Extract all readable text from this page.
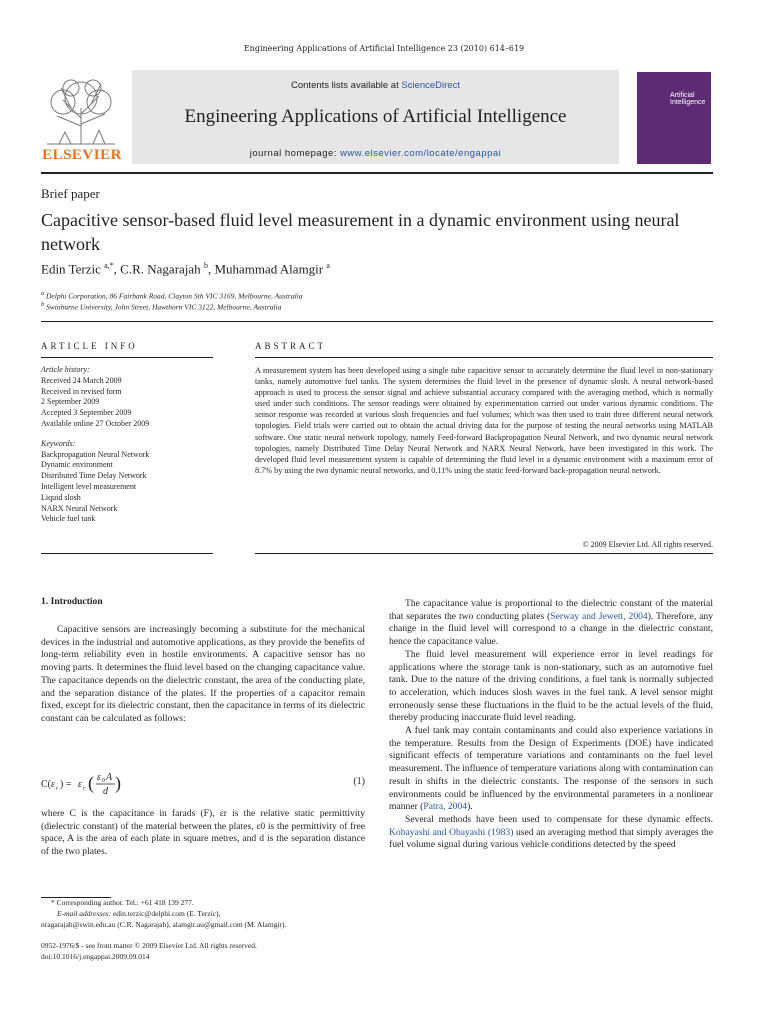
Engineering Applications of Artificial Intelligence 23 (2010) 614–619
ELSEVIER
Contents lists available at ScienceDirect
Engineering Applications of Artificial Intelligence
journal homepage: www.elsevier.com/locate/engappai
Artificial Intelligence
Brief paper
Capacitive sensor-based fluid level measurement in a dynamic environment using neural network
Edin Terzic $^{a,*}$, C.R. Nagarajah $^b$, Muhammad Alamgir $^a$
$^a$ Delphi Corporation, 86 Fairbank Road, Clayton Sth VIC 3169, Melbourne, Australia
$^b$ Swinburne University, John Street, Hawthorn VIC 3122, Melbourne, Australia
ARTICLE INFO	ABSTRACT
Article history:
Received 24 March 2009
Received in revised form
2 September 2009
Accepted 3 September 2009
Available online 27 October 2009
Keywords:
Backpropagation Neural Network
Dynamic environment
Distributed Time Delay Network
Intelligent level measurement
Liquid slosh
NARX Neural Network
Vehicle fuel tank
A measurement system has been developed using a single tube capacitive sensor to accurately determine the fluid level in non-stationary tanks, namely automotive fuel tanks. The system determines the fluid level in the presence of dynamic slosh. A neural network-based approach is used to process the sensor signal and achieve substantial accuracy compared with the averaging method, which is normally used under such conditions. The sensor readings were obtained by experimentation carried out under various dynamic conditions. The sensor response was recorded at various slosh frequencies and fuel volumes; which was then used to train three different neural network topologies. Field trials were carried out to obtain the actual driving data for the purpose of testing the neural networks using MATLAB software. One static neural network topology, namely Feed-forward Backpropagation Neural Network, and two dynamic neural network topologies, namely Distributed Time Delay Neural Network and NARX Neural Network, have been investigated in this work. The developed fluid level measurement system is capable of determining the fluid level in a dynamic environment with a maximum error of 8.7% by using the two dynamic neural networks, and 0.11% using the static feed-forward back-propagation neural network.
© 2009 Elsevier Ltd. All rights reserved.
1. Introduction

Capacitive sensors are increasingly becoming a substitute for the mechanical devices in the industrial and automotive applications, as they provide the benefits of long-term reliability even in hostile environments. A capacitive sensor has no moving parts. It determines the fluid level based on the changing capacitance value. The capacitance depends on the dielectric constant, the area of the conducting plate, and the separation distance of the plates. If the properties of a capacitor remain fixed, except for its dielectric constant, then the capacitance in terms of its dielectric constant can be calculated as follows:

C( ε r ) = ε r ( ε 0 A
d )	(1)
where C is the capacitance in farads (F), εr is the relative static permittivity (dielectric constant) of the material between the plates, ε0 is the permittivity of free space, A is the area of each plate in square metres, and d is the separation distance of the two plates.

The capacitance value is proportional to the dielectric constant of the material that separates the two conducting plates (Serway and Jewett, 2004). Therefore, any change in the fluid level will correspond to a change in the dielectric constant, hence the capacitance value.

The fluid level measurement will experience error in level readings for applications where the storage tank is non-stationary, such as an automotive fuel tank. Due to the nature of the driving conditions, a fuel tank is normally subjected to acceleration, which induces slosh waves in the fuel tank. A level sensor might erroneously sense these fluctuations in the fluid to be the actual levels of the fluid, thereby producing inaccurate fluid level reading.

A fuel tank may contain contaminants and could also experience variations in the temperature. Results from the Design of Experiments (DOE) have indicated significant effects of temperature variations and contaminants on the fuel level measurement. The influence of temperature variations along with contamination can result in shifts in the dielectric constants. The response of the sensors in such environments could be influenced by the environmental parameters in a nonlinear manner (Patra, 2004).

Several methods have been used to compensate for these dynamic effects. Kobayashi and Obayashi (1983) used an averaging method that simply averages the fuel volume signal during various vehicle conditions detected by the speed

* Corresponding author. Tel.: +61 418 139 277.
E-mail addresses: edin.terzic@delphi.com (E. Terzic),
nragarajah@swin.edu.au (C.R. Nagarajah), alamgir.au@gmail.com (M. Alamgir).
0952-1976/$ - see front matter © 2009 Elsevier Ltd. All rights reserved.
doi:10.1016/j.engappai.2009.09.014
